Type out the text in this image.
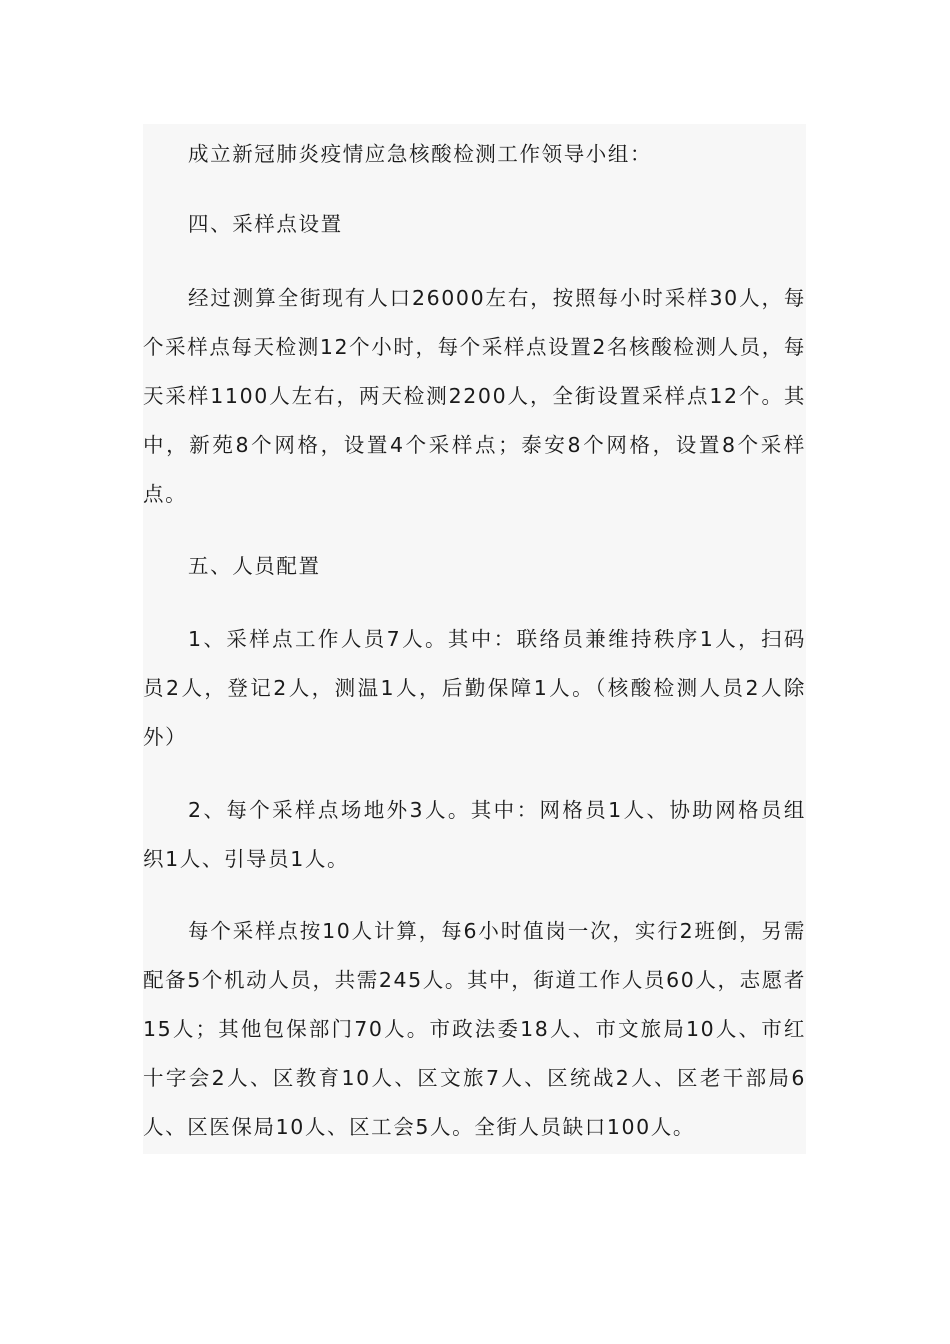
成立新冠肺炎疫情应急核酸检测工作领导小组：

四、采样点设置

经过测算全街现有人口26000左右，按照每小时采样30人，每个采样点每天检测12个小时，每个采样点设置2名核酸检测人员，每天采样1100人左右，两天检测2200人，全街设置采样点12个。其中，新苑8个网格，设置4个采样点；泰安8个网格，设置8个采样点。

五、人员配置

1、采样点工作人员7人。其中：联络员兼维持秩序1人，扫码员2人，登记2人，测温1人，后勤保障1人。（核酸检测人员2人除外）

2、每个采样点场地外3人。其中：网格员1人、协助网格员组织1人、引导员1人。

每个采样点按10人计算，每6小时值岗一次，实行2班倒，另需配备5个机动人员，共需245人。其中，街道工作人员60人，志愿者15人；其他包保部门70人。市政法委18人、市文旅局10人、市红十字会2人、区教育10人、区文旅7人、区统战2人、区老干部局6人、区医保局10人、区工会5人。全街人员缺口100人。
